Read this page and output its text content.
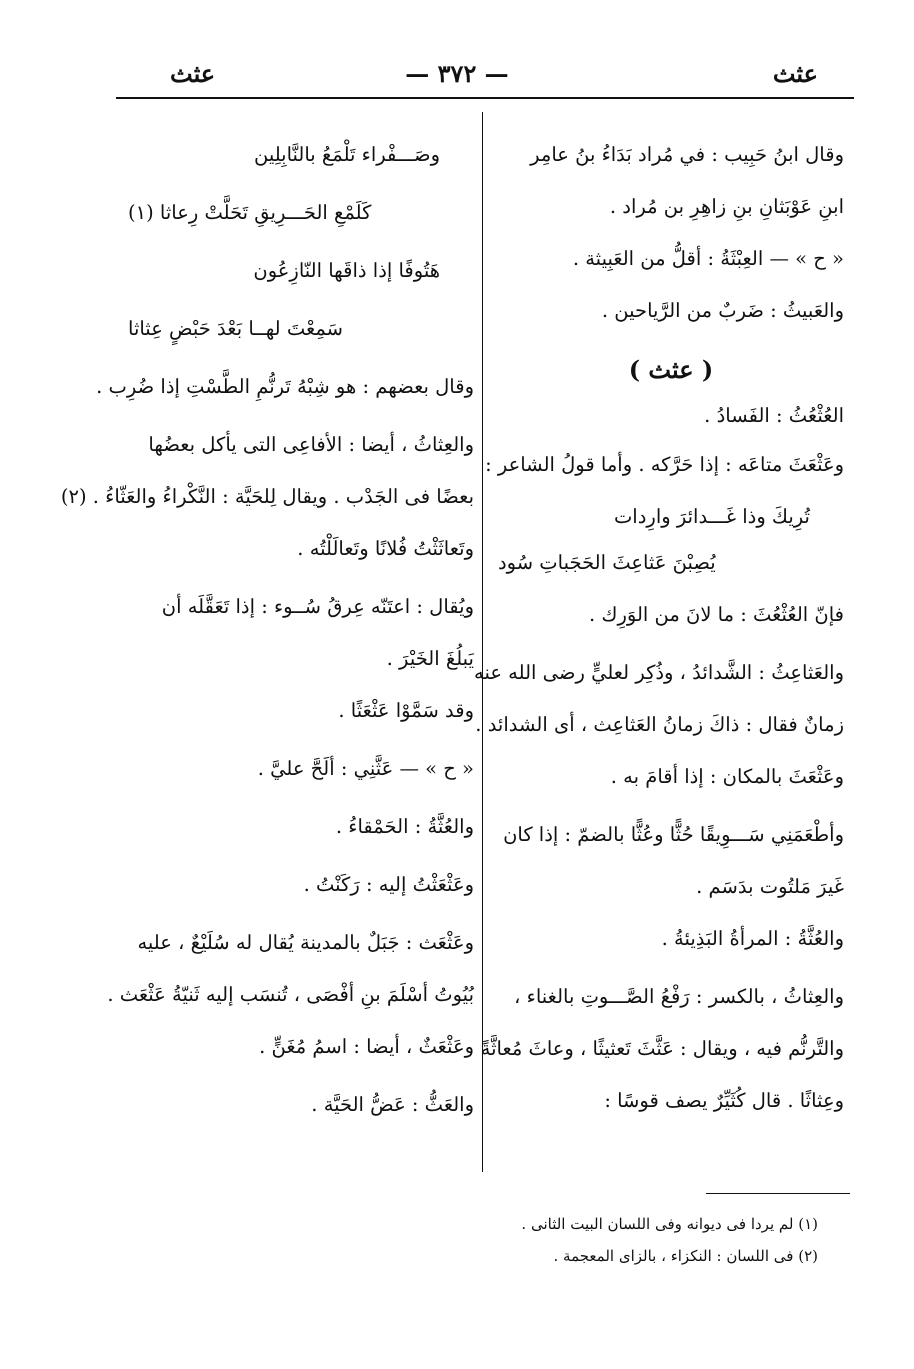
عثث
— ٣٧٢ —
عثث
وقال ابنُ حَبِيب : في مُراد بَدَاءُ بنُ عامِر
ابنِ عَوْبَثانِ بنِ زاهِرِ بن مُراد .
« ح » — العِبْثَةُ : أقلُّ من العَبِيثة .
والعَبيثُ : ضَربٌ من الرَّياحين .
( عثث )
العُثْعُثُ : الفَسادُ .
وعَثْعَثَ متاعَه : إذا حَرَّكه . وأما قولُ الشاعر :
تُرِيكَ وذا غَـــدائرَ وارِدات
يُصِبْنَ عَثاعِثَ الحَجَباتِ سُود
فإنّ العُثْعُثَ : ما لانَ من الوَرِك .
والعَثاعِثُ : الشَّدائدُ ، وذُكِر لعليٍّ رضى الله عنه
زمانٌ فقال : ذاكَ زمانُ العَثاعِث ، أى الشدائد .
وعَثْعَثَ بالمكان : إذا أقامَ به .
وأطْعَمَنِي سَـــوِيقًا حُثًّا وعُثًّا بالضمّ : إذا كان
غَيرَ مَلتُوت بدَسَم .
والعُثَّةُ : المرأةُ البَذِيئةُ .
والعِثاثُ ، بالكسر : رَفْعُ الصَّـــوتِ بالغناء ،
والتَّرنُّم فيه ، ويقال : عَثَّثَ تَعثيثًا ، وعاثَ مُعاثَّةً
وعِثاثًا . قال كُثَيِّرٌ يصف قوسًا :
وصَـــفْراء تَلْمَعُ بالنَّابِلِين
كَلَمْعِ الحَـــرِيقِ تَحَلَّتْ رِعاثا (١)
هَتُوفًا إذا ذاقَها النّازِعُون
سَمِعْتَ لهــا بَعْدَ حَبْضٍ عِثاثا
وقال بعضهم : هو شِبْهُ تَرنُّمِ الطَّسْتِ إذا ضُرِب .
والعِثاثُ ، أيضا : الأفاعِى التى يأكل بعضُها
بعضًا فى الجَدْب . ويقال لِلحَيَّة : النَّكْراءُ والعَثّاءُ . (٢)
وتَعاثَثْتُ فُلانًا وتَعالَلْتُه .
ويُقال : اعتَنّه عِرقُ سُــوء : إذا تَعَقَّلَه أن
يَبلُغَ الخَيْرَ .
وقد سَمَّوْا عَثْعَثًا .
« ح » — عَثَّنِي : ألَحَّ عليَّ .
والعُثَّةُ : الحَمْقاءُ .
وعَثْعَثْتُ إليه : رَكَنْتُ .
وعَثْعَث : جَبَلٌ بالمدينة يُقال له سُلَيْعٌ ، عليه
بُيُوتُ أسْلَمَ بنِ أفْصَى ، تُنسَب إليه ثَنيّةُ عَثْعَث .
وعَثْعَثٌ ، أيضا : اسمُ مُغَنٍّ .
والعَثُّ : عَضُّ الحَيَّة .
(١) لم يردا فى ديوانه وفى اللسان البيت الثانى .
(٢) فى اللسان : النكزاء ، بالزاى المعجمة .
